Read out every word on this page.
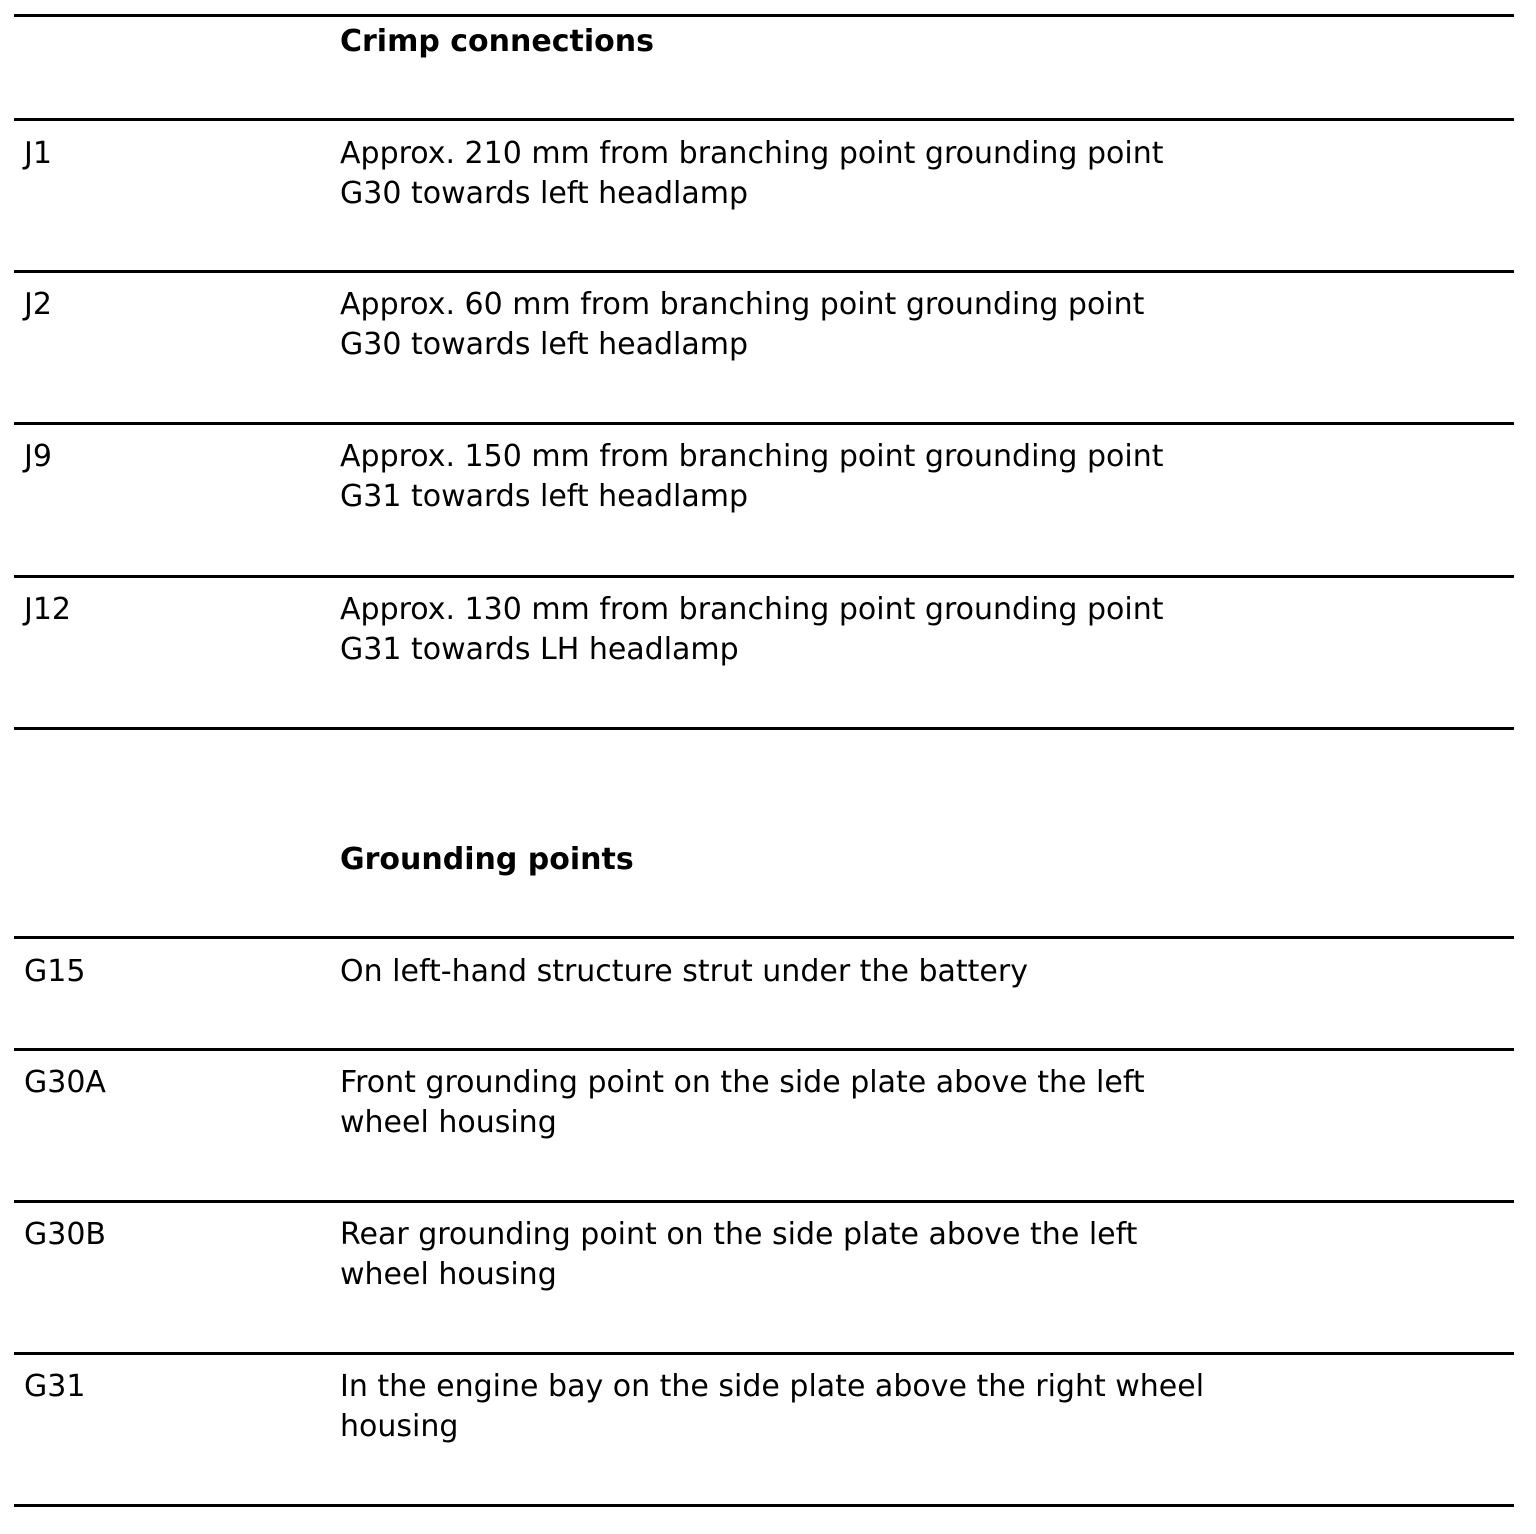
Crimp connections
J1	Approx. 210 mm from branching point grounding point
G30 towards left headlamp
J2	Approx. 60 mm from branching point grounding point
G30 towards left headlamp
J9	Approx. 150 mm from branching point grounding point
G31 towards left headlamp
J12	Approx. 130 mm from branching point grounding point
G31 towards LH headlamp
Grounding points
G15	On left-hand structure strut under the battery
G30A	Front grounding point on the side plate above the left
wheel housing
G30B	Rear grounding point on the side plate above the left
wheel housing
G31	In the engine bay on the side plate above the right wheel
housing
